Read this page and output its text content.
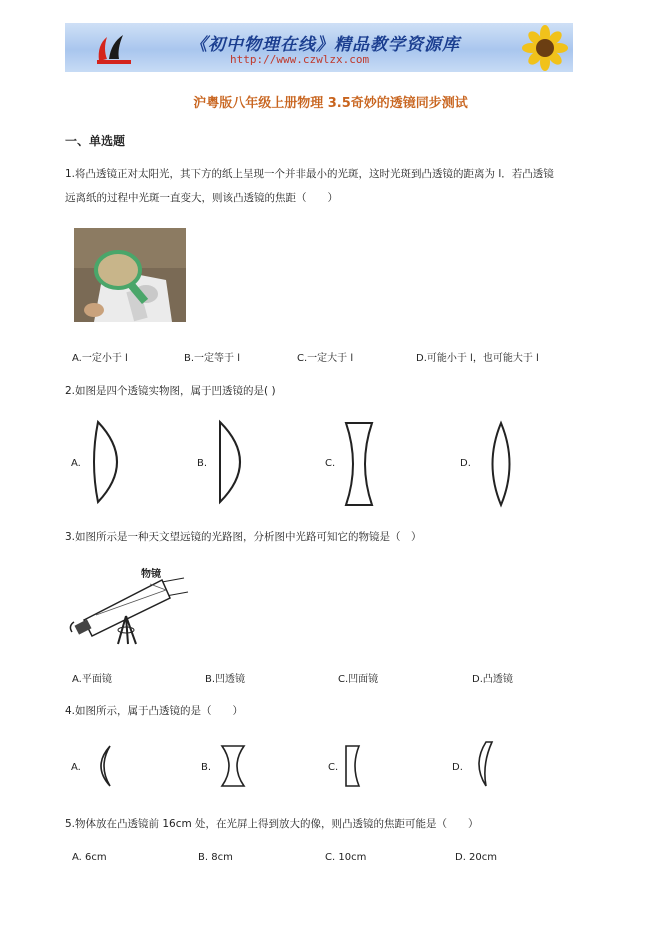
《初中物理在线》精品教学资源库
http://www.czwlzx.com
沪粤版八年级上册物理 3.5奇妙的透镜同步测试
一、单选题
1.将凸透镜正对太阳光，其下方的纸上呈现一个并非最小的光斑，这时光斑到凸透镜的距离为 l．若凸透镜
远离纸的过程中光斑一直变大，则该凸透镜的焦距（　　）
A.一定小于 l	B.一定等于 l	C.一定大于 l	D.可能小于 l，也可能大于 l
2.如图是四个透镜实物图，属于凹透镜的是( )
A.	B.	C.	D.
3.如图所示是一种天文望远镜的光路图，分析图中光路可知它的物镜是（　）
物镜
A.平面镜	B.凹透镜	C.凹面镜	D.凸透镜
4.如图所示，属于凸透镜的是（　　）
A.	B.	C.	D.
5.物体放在凸透镜前 16cm 处，在光屏上得到放大的像，则凸透镜的焦距可能是（　　）
A. 6cm	B. 8cm	C. 10cm	D. 20cm
